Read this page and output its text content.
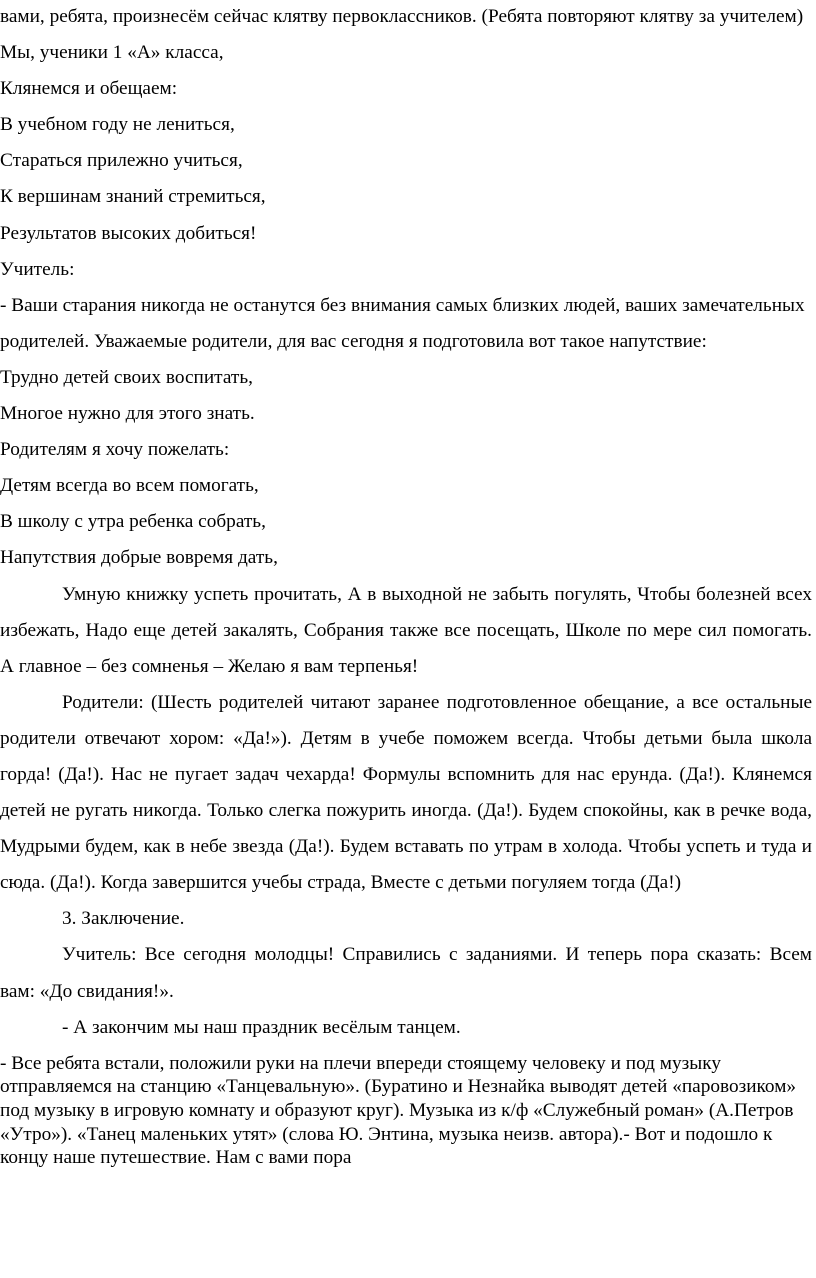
вами, ребята, произнесём сейчас клятву первоклассников. (Ребята повторяют клятву за учителем)

Мы, ученики 1 «А» класса,

Клянемся и обещаем:

В учебном году не лениться,

Стараться прилежно учиться,

К вершинам знаний стремиться,

Результатов высоких добиться!

Учитель:

- Ваши старания никогда не останутся без внимания самых близких людей, ваших замечательных родителей. Уважаемые родители, для вас сегодня я подготовила вот такое напутствие:

Трудно детей своих воспитать,

Многое нужно для этого знать.

Родителям я хочу пожелать:

Детям всегда во всем помогать,

В школу с утра ребенка собрать,

Напутствия добрые вовремя дать,

Умную книжку успеть прочитать, А в выходной не забыть погулять, Чтобы болезней всех избежать, Надо еще детей закалять, Собрания также все посещать, Школе по мере сил помогать. А главное – без сомненья – Желаю я вам терпенья!

Родители: (Шесть родителей читают заранее подготовленное обещание, а все остальные родители отвечают хором: «Да!»). Детям в учебе поможем всегда. Чтобы детьми была школа горда! (Да!). Нас не пугает задач чехарда! Формулы вспомнить для нас ерунда. (Да!). Клянемся детей не ругать никогда. Только слегка пожурить иногда. (Да!). Будем спокойны, как в речке вода, Мудрыми будем, как в небе звезда (Да!). Будем вставать по утрам в холода. Чтобы успеть и туда и сюда. (Да!). Когда завершится учебы страда, Вместе с детьми погуляем тогда (Да!)

3. Заключение.

Учитель: Все сегодня молодцы! Справились с заданиями. И теперь пора сказать: Всем вам: «До свидания!».

- А закончим мы наш праздник весёлым танцем.

- Все ребята встали, положили руки на плечи впереди стоящему человеку и под музыку отправляемся на станцию «Танцевальную». (Буратино и Незнайка выводят детей «паровозиком» под музыку в игровую комнату и образуют круг). Музыка из к/ф «Служебный роман» (А.Петров «Утро»). «Танец маленьких утят» (слова Ю. Энтина, музыка неизв. автора).- Вот и подошло к концу наше путешествие. Нам с вами пора
